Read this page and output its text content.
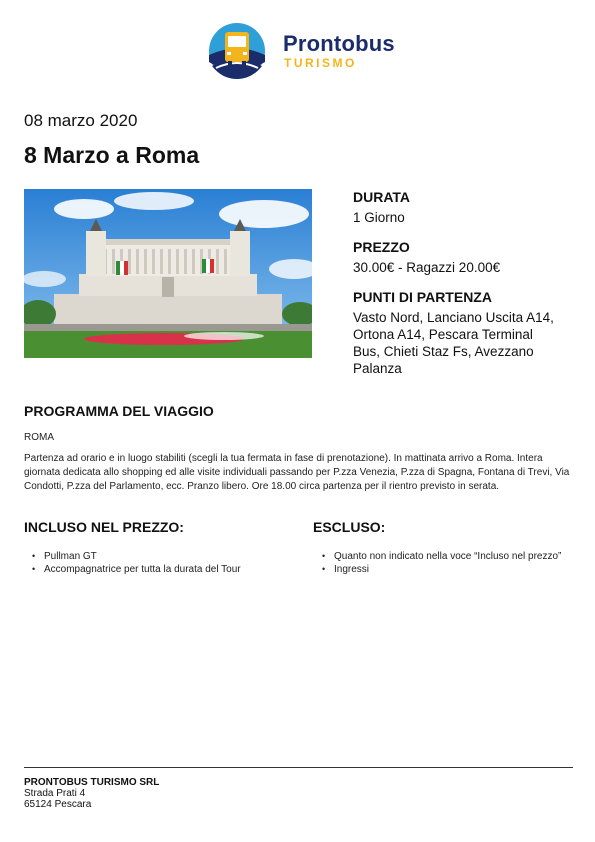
Prontobus
TURISMO
08 marzo 2020
8 Marzo a Roma
DURATA
1 Giorno
PREZZO
30.00€ - Ragazzi 20.00€
PUNTI DI PARTENZA
Vasto Nord, Lanciano Uscita A14,
Ortona A14, Pescara Terminal
Bus, Chieti Staz Fs, Avezzano
Palanza
PROGRAMMA DEL VIAGGIO
ROMA
Partenza ad orario e in luogo stabiliti (scegli la tua fermata in fase di prenotazione). In mattinata arrivo a Roma. Intera
giornata dedicata allo shopping ed alle visite individuali passando per P.zza Venezia, P.zza di Spagna, Fontana di Trevi, Via
Condotti, P.zza del Parlamento, ecc. Pranzo libero. Ore 18.00 circa partenza per il rientro previsto in serata.
INCLUSO NEL PREZZO:
• Pullman GT
• Accompagnatrice per tutta la durata del Tour
ESCLUSO:
• Quanto non indicato nella voce “Incluso nel prezzo”
• Ingressi
PRONTOBUS TURISMO SRL
Strada Prati 4
65124 Pescara
